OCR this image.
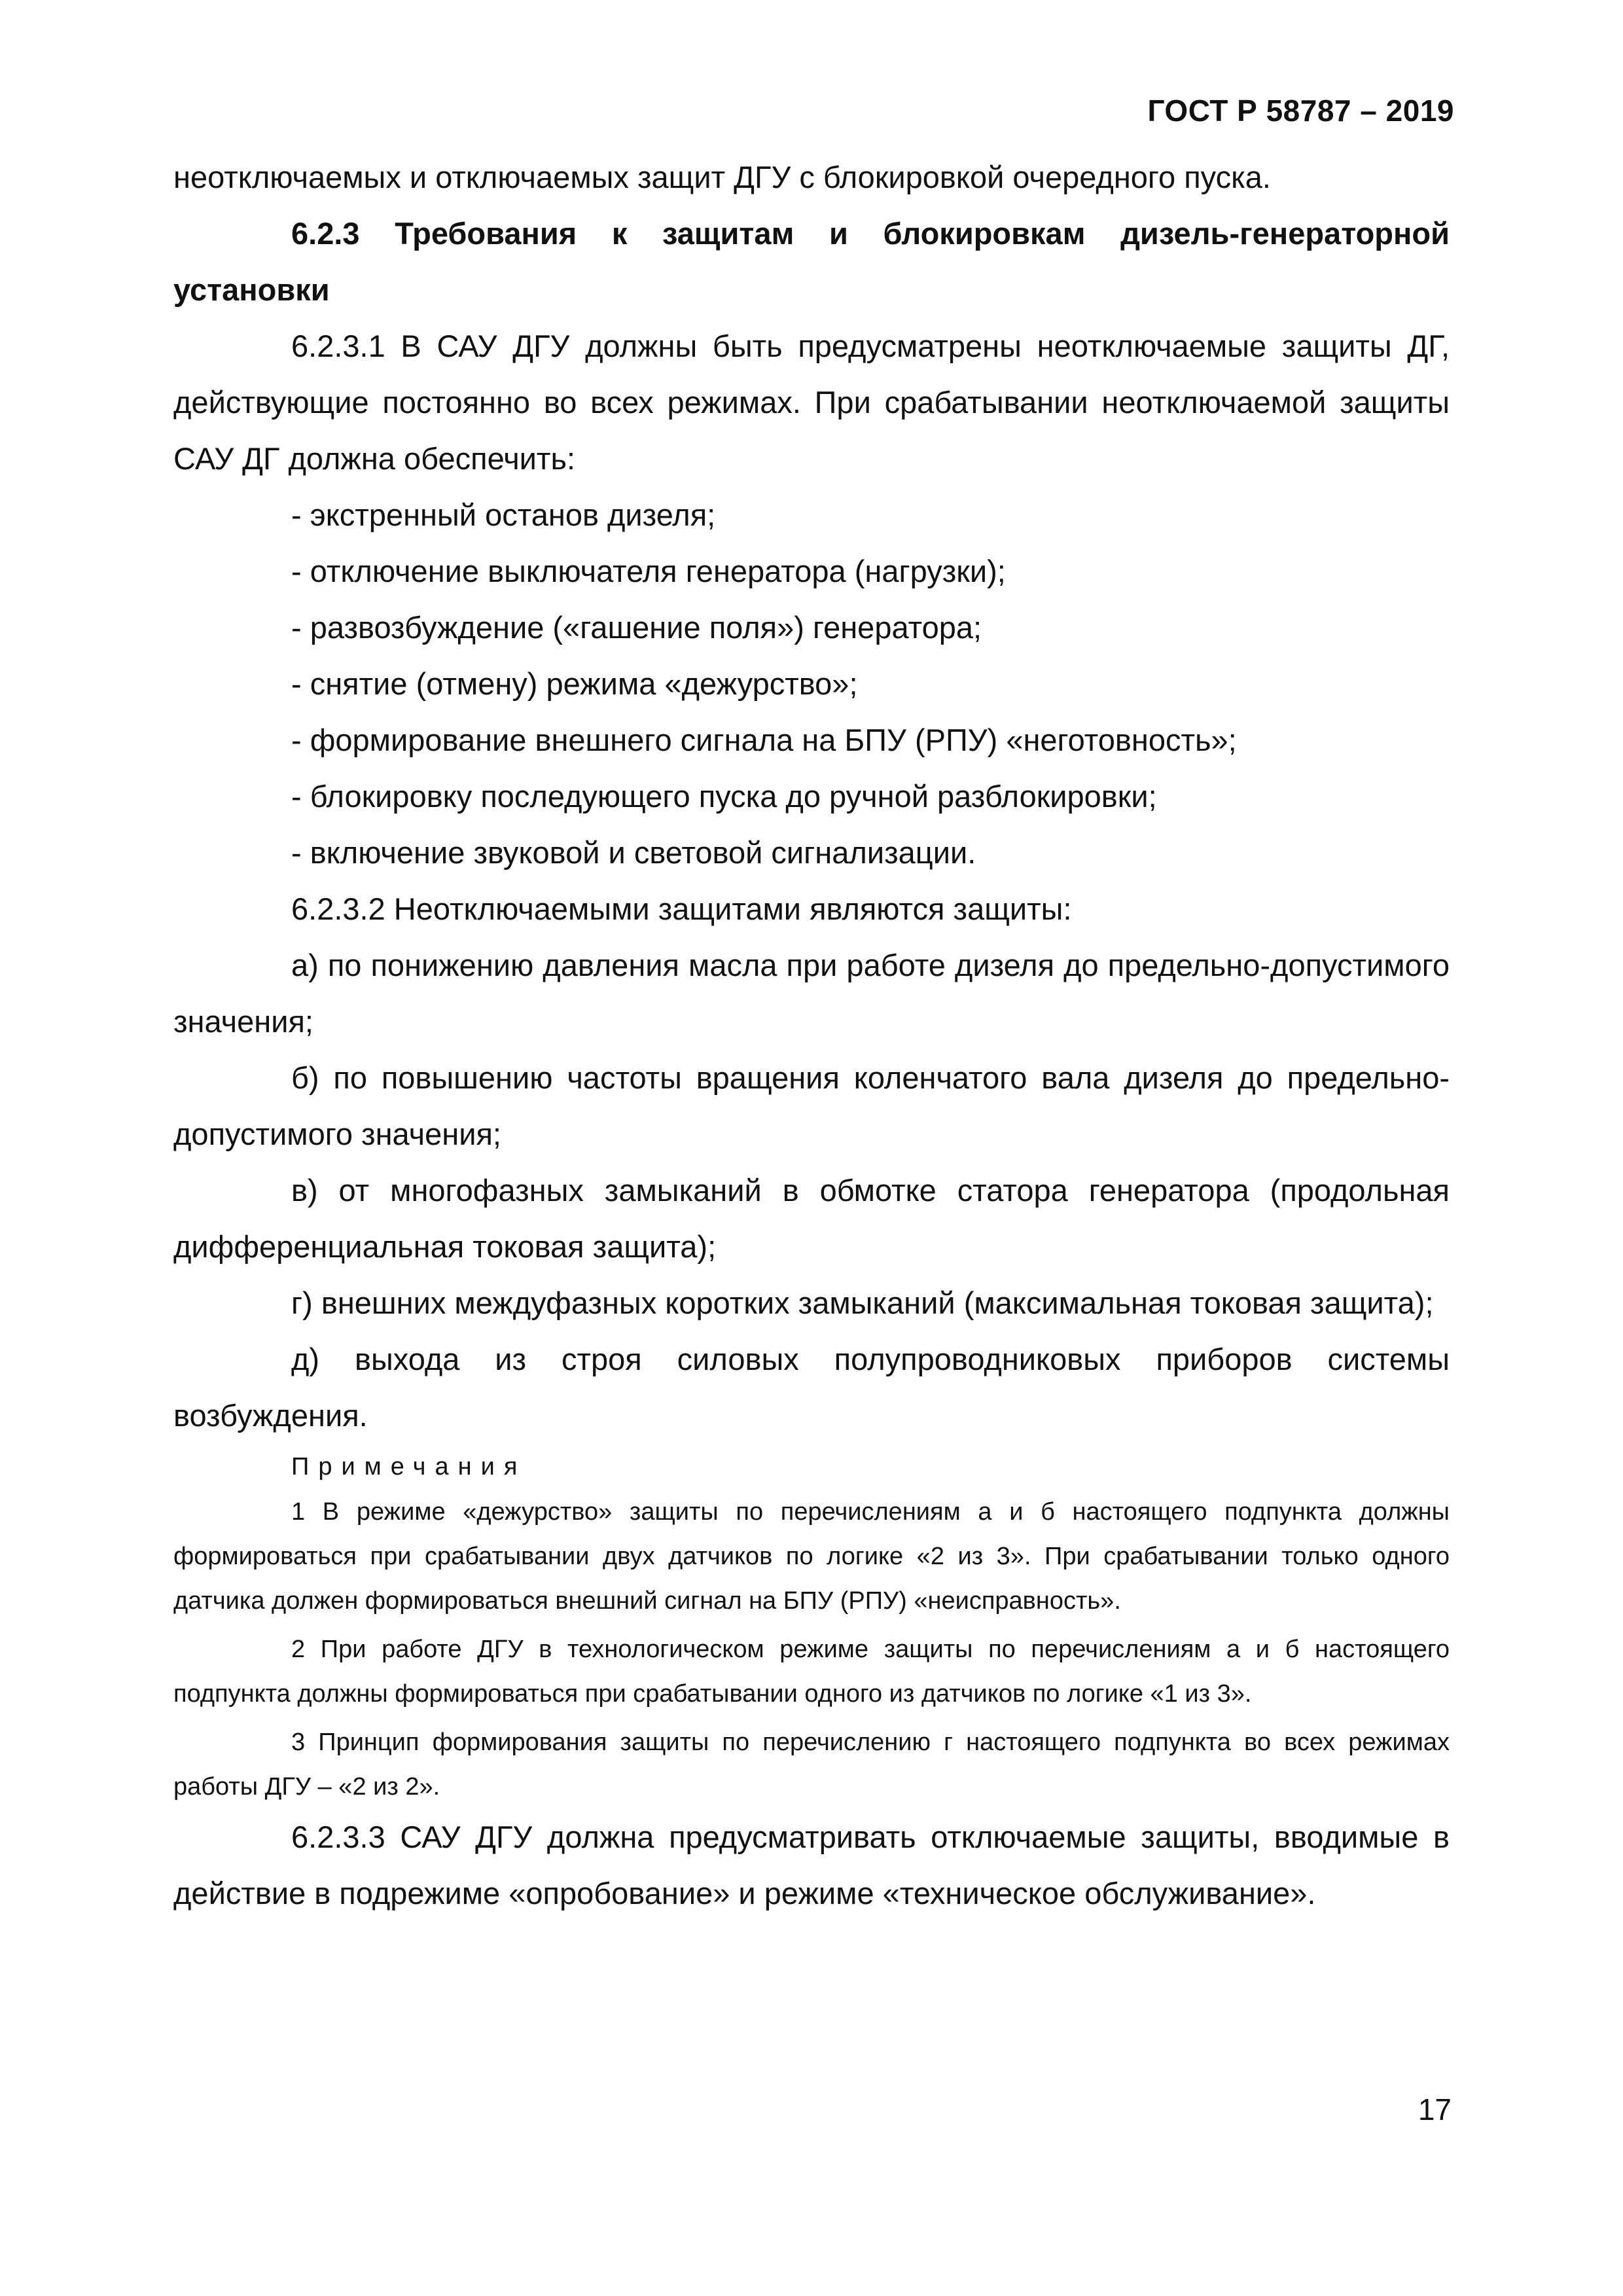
ГОСТ Р 58787 – 2019

неотключаемых и отключаемых защит ДГУ с блокировкой очередного пуска.

6.2.3 Требования к защитам и блокировкам дизель-генераторной установки

6.2.3.1 В САУ ДГУ должны быть предусматрены неотключаемые защиты ДГ, действующие постоянно во всех режимах. При срабатывании неотключаемой защиты САУ ДГ должна обеспечить:

- экстренный останов дизеля;

- отключение выключателя генератора (нагрузки);

- развозбуждение («гашение поля») генератора;

- снятие (отмену) режима «дежурство»;

- формирование внешнего сигнала на БПУ (РПУ) «неготовность»;

- блокировку последующего пуска до ручной разблокировки;

- включение звуковой и световой сигнализации.

6.2.3.2 Неотключаемыми защитами являются защиты:

а) по понижению давления масла при работе дизеля до предельно-допустимого значения;

б) по повышению частоты вращения коленчатого вала дизеля до предельно-допустимого значения;

в) от многофазных замыканий в обмотке статора генератора (продольная дифференциальная токовая защита);

г) внешних междуфазных коротких замыканий (максимальная токовая защита);

д) выхода из строя силовых полупроводниковых приборов системы возбуждения.

Примечания

1 В режиме «дежурство» защиты по перечислениям а и б настоящего подпункта должны формироваться при срабатывании двух датчиков по логике «2 из 3». При срабатывании только одного датчика должен формироваться внешний сигнал на БПУ (РПУ) «неисправность».

2 При работе ДГУ в технологическом режиме защиты по перечислениям а и б настоящего подпункта должны формироваться при срабатывании одного из датчиков по логике «1 из 3».

3 Принцип формирования защиты по перечислению г настоящего подпункта во всех режимах работы ДГУ – «2 из 2».

6.2.3.3 САУ ДГУ должна предусматривать отключаемые защиты, вводимые в действие в подрежиме «опробование» и режиме «техническое обслуживание».

17
